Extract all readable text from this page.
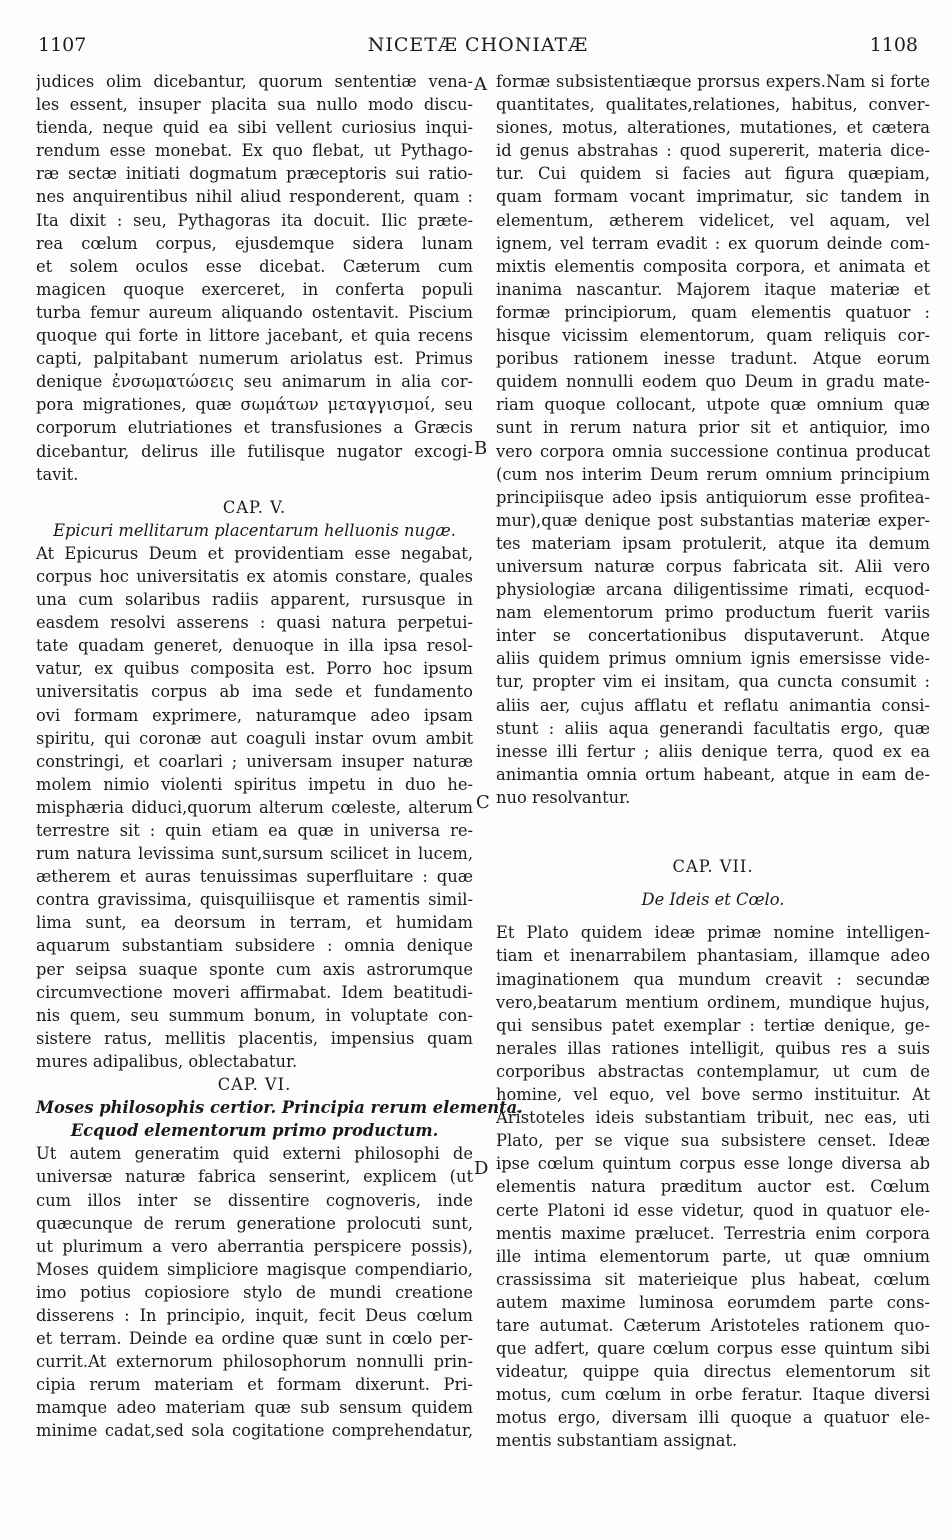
1107	NICETÆ CHONIATÆ	1108
A
B
C
D
judices olim dicebantur, quorum sententiæ vena-
les essent, insuper placita sua nullo modo discu-
tienda, neque quid ea sibi vellent curiosius inqui-
rendum esse monebat. Ex quo flebat, ut Pythago-
ræ sectæ initiati dogmatum præceptoris sui ratio-
nes anquirentibus nihil aliud responderent, quam :
Ita dixit : seu, Pythagoras ita docuit. Ilic præte-
rea cœlum corpus, ejusdemque sidera lunam
et solem oculos esse dicebat. Cæterum cum
magicen quoque exerceret, in conferta populi
turba femur aureum aliquando ostentavit. Piscium
quoque qui forte in littore jacebant, et quia recens
capti, palpitabant numerum ariolatus est. Primus
denique ἐνσωματώσεις seu animarum in alia cor-
pora migrationes, quæ σωμάτων μεταγγισμοί, seu
corporum elutriationes et transfusiones a Græcis
dicebantur, delirus ille futilisque nugator excogi-
tavit.
CAP. V.
Epicuri mellitarum placentarum helluonis nugæ.
At Epicurus Deum et providentiam esse negabat,
corpus hoc universitatis ex atomis constare, quales
una cum solaribus radiis apparent, rursusque in
easdem resolvi asserens : quasi natura perpetui-
tate quadam generet, denuoque in illa ipsa resol-
vatur, ex quibus composita est. Porro hoc ipsum
universitatis corpus ab ima sede et fundamento
ovi formam exprimere, naturamque adeo ipsam
spiritu, qui coronæ aut coaguli instar ovum ambit
constringi, et coarlari ; universam insuper naturæ
molem nimio violenti spiritus impetu in duo he-
misphæria diduci,quorum alterum cœleste, alterum
terrestre sit : quin etiam ea quæ in universa re-
rum natura levissima sunt,sursum scilicet in lucem,
ætherem et auras tenuissimas superfluitare : quæ
contra gravissima, quisquiliisque et ramentis simil-
lima sunt, ea deorsum in terram, et humidam
aquarum substantiam subsidere : omnia denique
per seipsa suaque sponte cum axis astrorumque
circumvectione moveri affirmabat. Idem beatitudi-
nis quem, seu summum bonum, in voluptate con-
sistere ratus, mellitis placentis, impensius quam
mures adipalibus, oblectabatur.
CAP. VI.
Moses philosophis certior. Principia rerum elementa.
Ecquod elementorum primo productum.
Ut autem generatim quid externi philosophi de
universæ naturæ fabrica senserint, explicem (ut
cum illos inter se dissentire cognoveris, inde
quæcunque de rerum generatione prolocuti sunt,
ut plurimum a vero aberrantia perspicere possis),
Moses quidem simpliciore magisque compendiario,
imo potius copiosiore stylo de mundi creatione
disserens : In principio, inquit, fecit Deus cœlum
et terram. Deinde ea ordine quæ sunt in cœlo per-
currit.At externorum philosophorum nonnulli prin-
cipia rerum materiam et formam dixerunt. Pri-
mamque adeo materiam quæ sub sensum quidem
minime cadat,sed sola cogitatione comprehendatur,
formæ subsistentiæque prorsus expers.Nam si forte
quantitates, qualitates,relationes, habitus, conver-
siones, motus, alterationes, mutationes, et cætera
id genus abstrahas : quod supererit, materia dice-
tur. Cui quidem si facies aut figura quæpiam,
quam formam vocant imprimatur, sic tandem in
elementum, ætherem videlicet, vel aquam, vel
ignem, vel terram evadit : ex quorum deinde com-
mixtis elementis composita corpora, et animata et
inanima nascantur. Majorem itaque materiæ et
formæ principiorum, quam elementis quatuor :
hisque vicissim elementorum, quam reliquis cor-
poribus rationem inesse tradunt. Atque eorum
quidem nonnulli eodem quo Deum in gradu mate-
riam quoque collocant, utpote quæ omnium quæ
sunt in rerum natura prior sit et antiquior, imo
vero corpora omnia successione continua producat
(cum nos interim Deum rerum omnium principium
principiisque adeo ipsis antiquiorum esse profitea-
mur),quæ denique post substantias materiæ exper-
tes materiam ipsam protulerit, atque ita demum
universum naturæ corpus fabricata sit. Alii vero
physiologiæ arcana diligentissime rimati, ecquod-
nam elementorum primo productum fuerit variis
inter se concertationibus disputaverunt. Atque
aliis quidem primus omnium ignis emersisse vide-
tur, propter vim ei insitam, qua cuncta consumit :
aliis aer, cujus afflatu et reflatu animantia consi-
stunt : aliis aqua generandi facultatis ergo, quæ
inesse illi fertur ; aliis denique terra, quod ex ea
animantia omnia ortum habeant, atque in eam de-
nuo resolvantur.
CAP. VII.
De Ideis et Cœlo.
Et Plato quidem ideæ primæ nomine intelligen-
tiam et inenarrabilem phantasiam, illamque adeo
imaginationem qua mundum creavit : secundæ
vero,beatarum mentium ordinem, mundique hujus,
qui sensibus patet exemplar : tertiæ denique, ge-
nerales illas rationes intelligit, quibus res a suis
corporibus abstractas contemplamur, ut cum de
homine, vel equo, vel bove sermo instituitur. At
Aristoteles ideis substantiam tribuit, nec eas, uti
Plato, per se vique sua subsistere censet. Ideæ
ipse cœlum quintum corpus esse longe diversa ab
elementis natura præditum auctor est. Cœlum
certe Platoni id esse videtur, quod in quatuor ele-
mentis maxime prælucet. Terrestria enim corpora
ille intima elementorum parte, ut quæ omnium
crassissima sit materieique plus habeat, cœlum
autem maxime luminosa eorumdem parte cons-
tare autumat. Cæterum Aristoteles rationem quo-
que adfert, quare cœlum corpus esse quintum sibi
videatur, quippe quia directus elementorum sit
motus, cum cœlum in orbe feratur. Itaque diversi
motus ergo, diversam illi quoque a quatuor ele-
mentis substantiam assignat.
